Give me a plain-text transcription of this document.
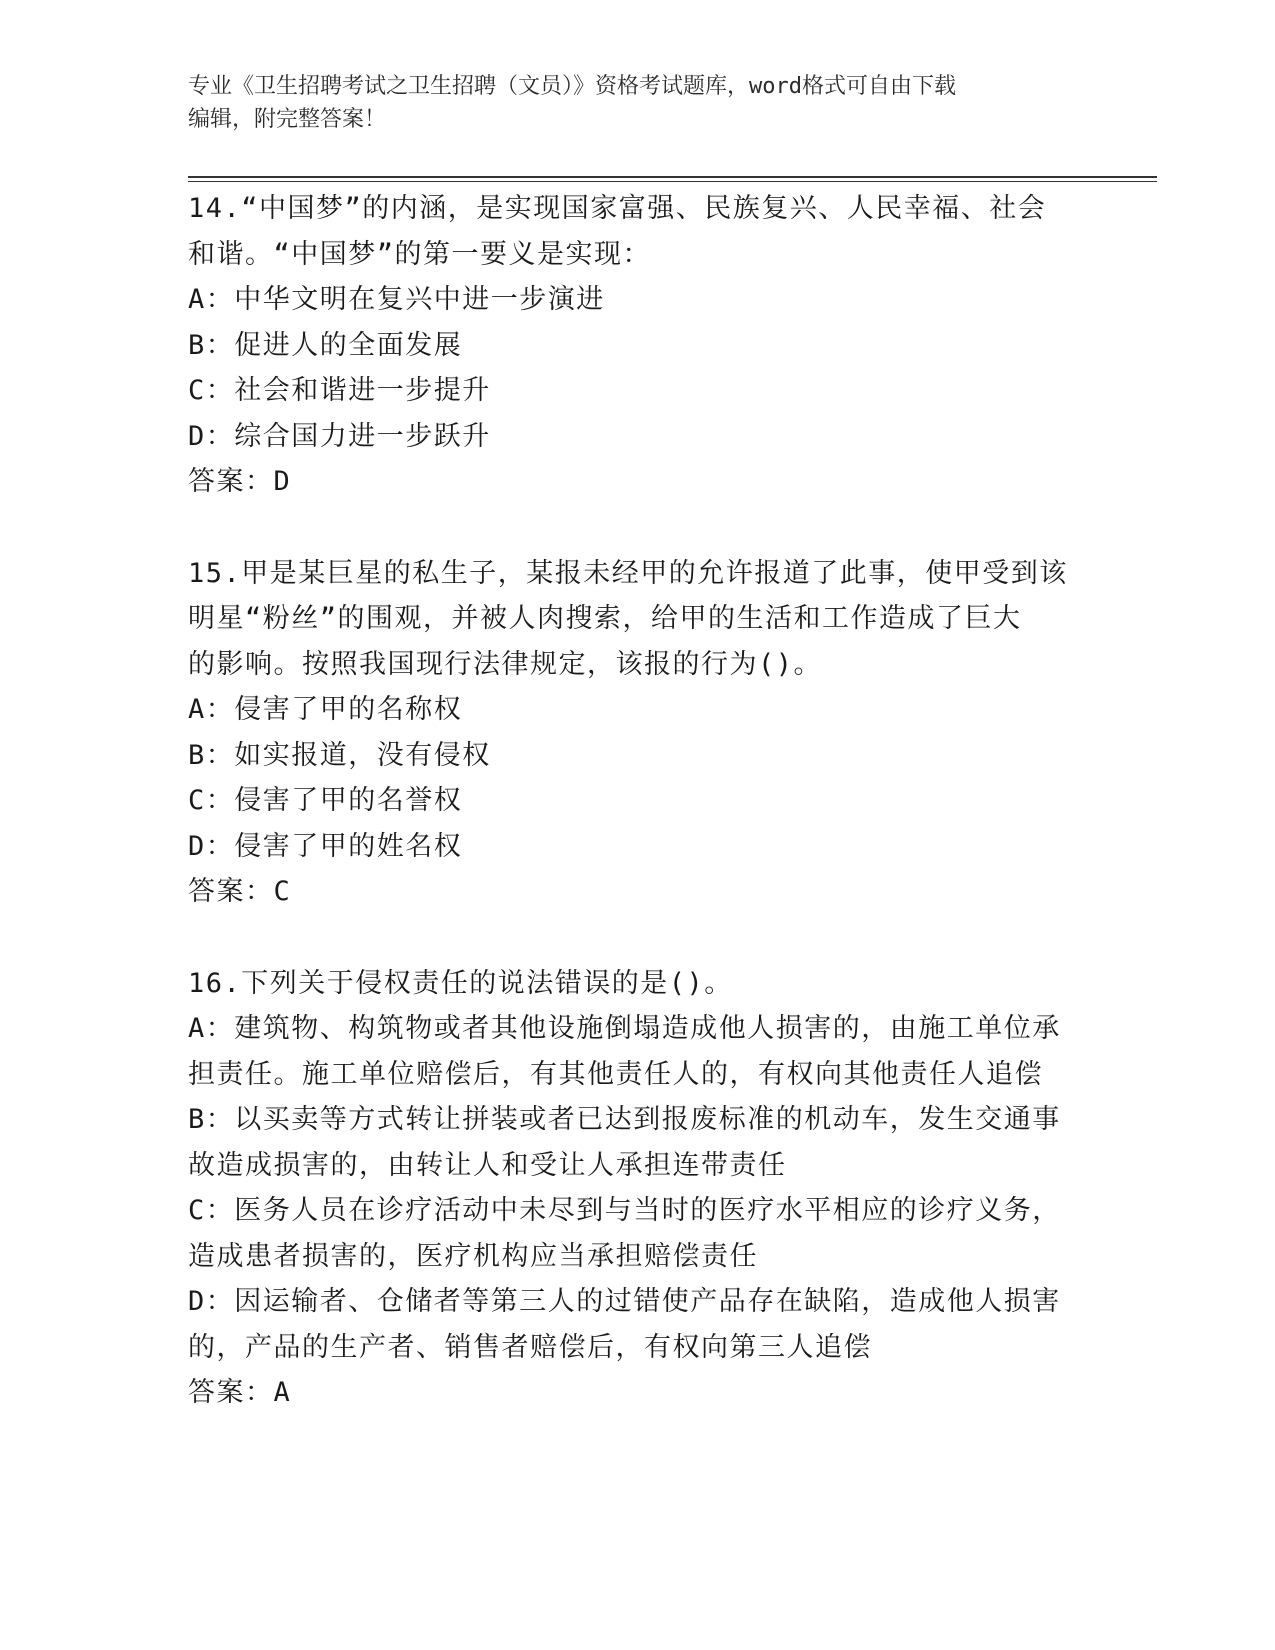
专业《卫生招聘考试之卫生招聘（文员）》资格考试题库，word格式可自由下载
编辑，附完整答案！

14.“中国梦”的内涵，是实现国家富强、民族复兴、人民幸福、社会
和谐。“中国梦”的第一要义是实现：
A：中华文明在复兴中进一步演进
B：促进人的全面发展
C：社会和谐进一步提升
D：综合国力进一步跃升
答案：D
15.甲是某巨星的私生子，某报未经甲的允许报道了此事，使甲受到该
明星“粉丝”的围观，并被人肉搜索，给甲的生活和工作造成了巨大
的影响。按照我国现行法律规定，该报的行为()。
A：侵害了甲的名称权
B：如实报道，没有侵权
C：侵害了甲的名誉权
D：侵害了甲的姓名权
答案：C
16.下列关于侵权责任的说法错误的是()。
A：建筑物、构筑物或者其他设施倒塌造成他人损害的，由施工单位承
担责任。施工单位赔偿后，有其他责任人的，有权向其他责任人追偿
B：以买卖等方式转让拼装或者已达到报废标准的机动车，发生交通事
故造成损害的，由转让人和受让人承担连带责任
C：医务人员在诊疗活动中未尽到与当时的医疗水平相应的诊疗义务，
造成患者损害的，医疗机构应当承担赔偿责任
D：因运输者、仓储者等第三人的过错使产品存在缺陷，造成他人损害
的，产品的生产者、销售者赔偿后，有权向第三人追偿
答案：A
